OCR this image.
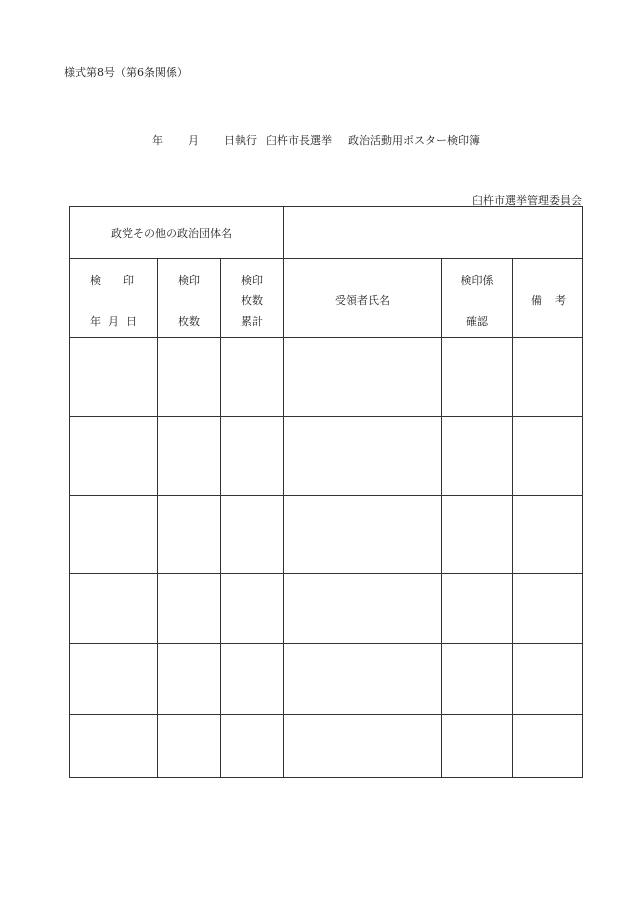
様式第8号（第6条関係）
年 月 日執行 臼杵市長選挙 政治活動用ポスター検印簿
臼杵市選挙管理委員会
政党その他の政治団体名
検 印
年 月 日
検印
枚数
検印
枚数
累計
受領者氏名
検印係
確認
備 考
